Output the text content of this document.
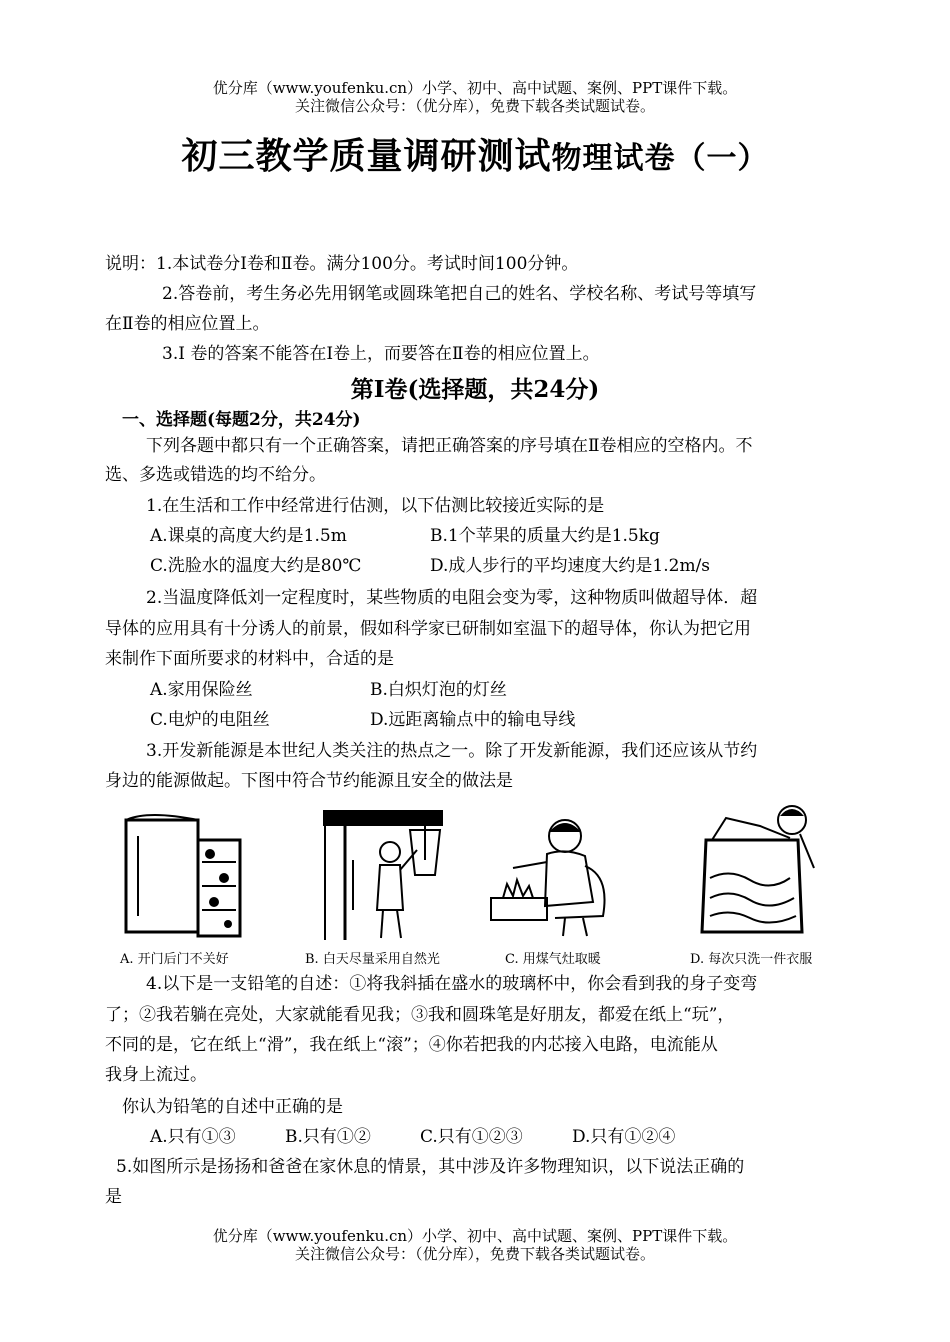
优分库（www.youfenku.cn）小学、初中、高中试题、案例、PPT课件下载。
关注微信公众号：（优分库），免费下载各类试题试卷。
初三教学质量调研测试物理试卷（一）
说明：1.本试卷分Ⅰ卷和Ⅱ卷。满分100分。考试时间100分钟。
2.答卷前，考生务必先用钢笔或圆珠笔把自己的姓名、学校名称、考试号等填写
在Ⅱ卷的相应位置上。
3.Ⅰ 卷的答案不能答在Ⅰ卷上，而要答在Ⅱ卷的相应位置上。
第Ⅰ卷(选择题，共24分)
一、选择题(每题2分，共24分)
下列各题中都只有一个正确答案，请把正确答案的序号填在Ⅱ卷相应的空格内。不
选、多选或错选的均不给分。
1.在生活和工作中经常进行估测，以下估测比较接近实际的是
A.课桌的高度大约是1.5m	B.1个苹果的质量大约是1.5kg
C.洗脸水的温度大约是80℃	D.成人步行的平均速度大约是1.2m/s
2.当温度降低刘一定程度时，某些物质的电阻会变为零，这种物质叫做超导体．超
导体的应用具有十分诱人的前景，假如科学家已研制如室温下的超导体，你认为把它用
来制作下面所要求的材料中，合适的是
A.家用保险丝	B.白炽灯泡的灯丝
C.电炉的电阻丝	D.远距离输点中的输电导线
3.开发新能源是本世纪人类关注的热点之一。除了开发新能源，我们还应该从节约
身边的能源做起。下图中符合节约能源且安全的做法是
A. 开门后门不关好	B. 白天尽量采用自然光	C. 用煤气灶取暖	D. 每次只洗一件衣服
4.以下是一支铅笔的自述：①将我斜插在盛水的玻璃杯中，你会看到我的身子变弯
了；②我若躺在亮处，大家就能看见我；③我和圆珠笔是好朋友，都爱在纸上“玩”，
不同的是，它在纸上“滑”，我在纸上“滚”；④你若把我的内芯接入电路，电流能从
我身上流过。
你认为铅笔的自述中正确的是
A.只有①③	B.只有①②	C.只有①②③	D.只有①②④
5.如图所示是扬扬和爸爸在家休息的情景，其中涉及许多物理知识，以下说法正确的
是
优分库（www.youfenku.cn）小学、初中、高中试题、案例、PPT课件下载。
关注微信公众号：（优分库），免费下载各类试题试卷。
